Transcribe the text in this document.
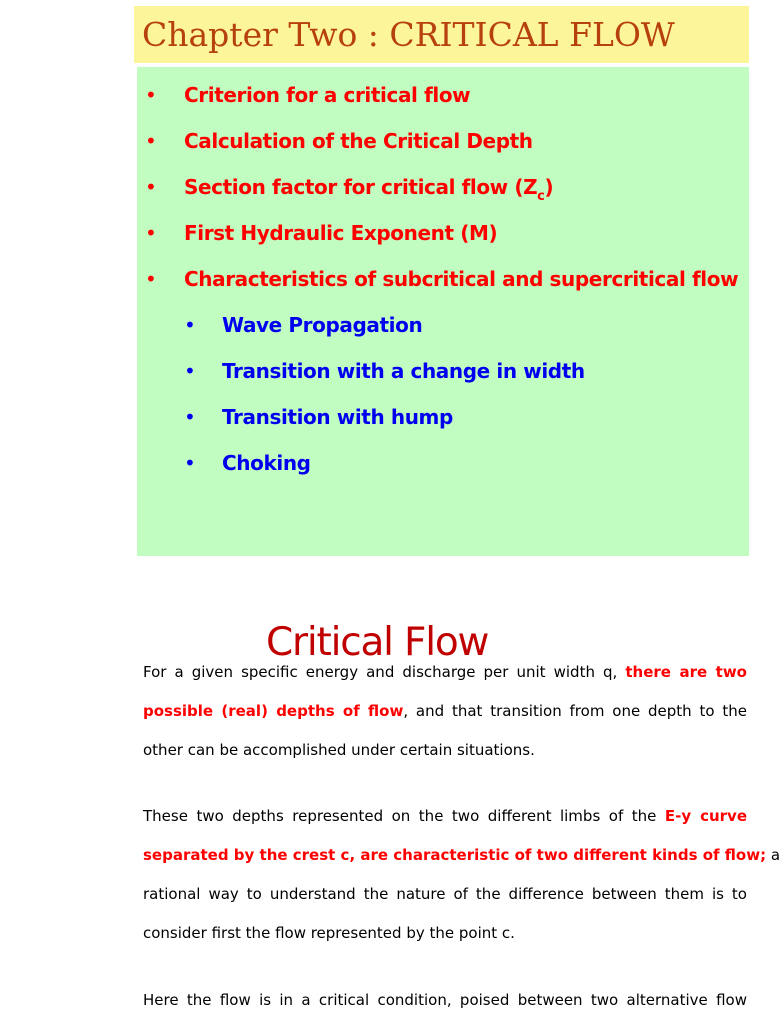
Chapter Two : CRITICAL FLOW
• Criterion for a critical flow
• Calculation of the Critical Depth
• Section factor for critical flow $(Z_c)$
• First Hydraulic Exponent (M)
• Characteristics of subcritical and supercritical flow
• Wave Propagation
• Transition with a change in width
• Transition with hump
• Choking
Critical Flow
For a given specific energy and discharge per unit width q, there are two
possible (real) depths of flow, and that transition from one depth to the
other can be accomplished under certain situations.
These two depths represented on the two different limbs of the E-y curve
separated by the crest c, are characteristic of two different kinds of flow; a
rational way to understand the nature of the difference between them is to
consider first the flow represented by the point c.
Here the flow is in a critical condition, poised between two alternative flow
